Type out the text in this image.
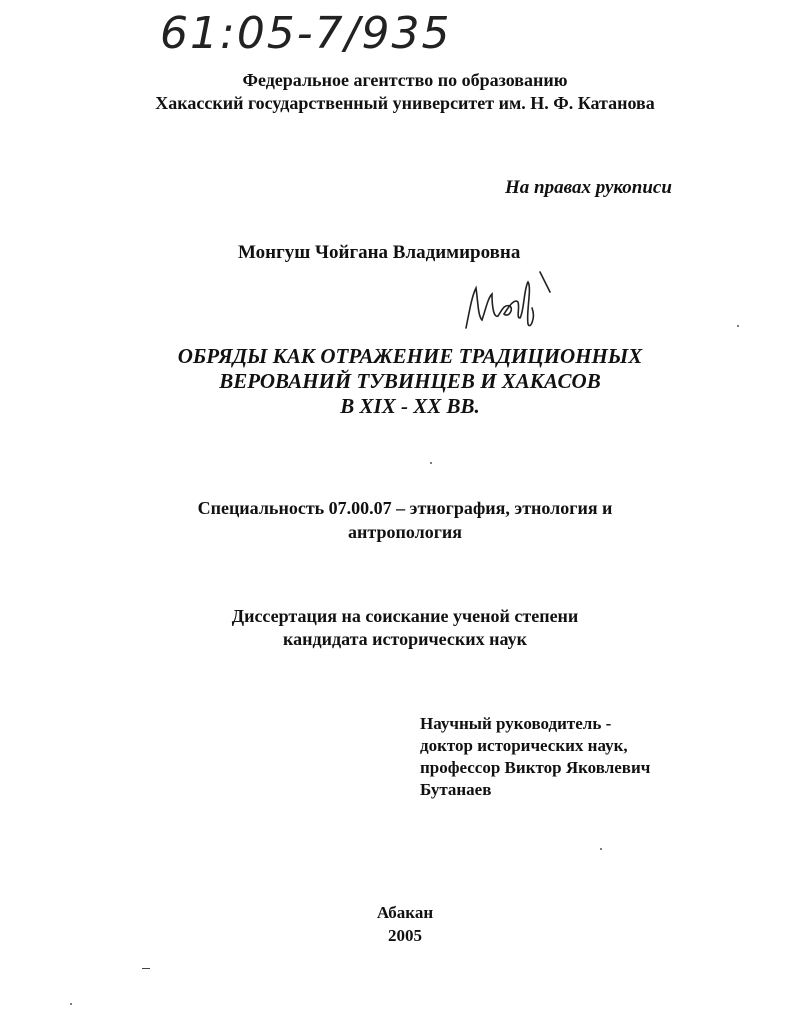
61:05-7/935
Федеральное агентство по образованию
Хакасский государственный университет им. Н. Ф. Катанова
На правах рукописи
Монгуш Чойгана Владимировна
ОБРЯДЫ КАК ОТРАЖЕНИЕ ТРАДИЦИОННЫХ
ВЕРОВАНИЙ ТУВИНЦЕВ И ХАКАСОВ
В XIX - XX ВВ.
Специальность 07.00.07 – этнография, этнология и
антропология
Диссертация на соискание ученой степени
кандидата исторических наук
Научный руководитель -
доктор исторических наук,
профессор Виктор Яковлевич
Бутанаев
Абакан
2005
